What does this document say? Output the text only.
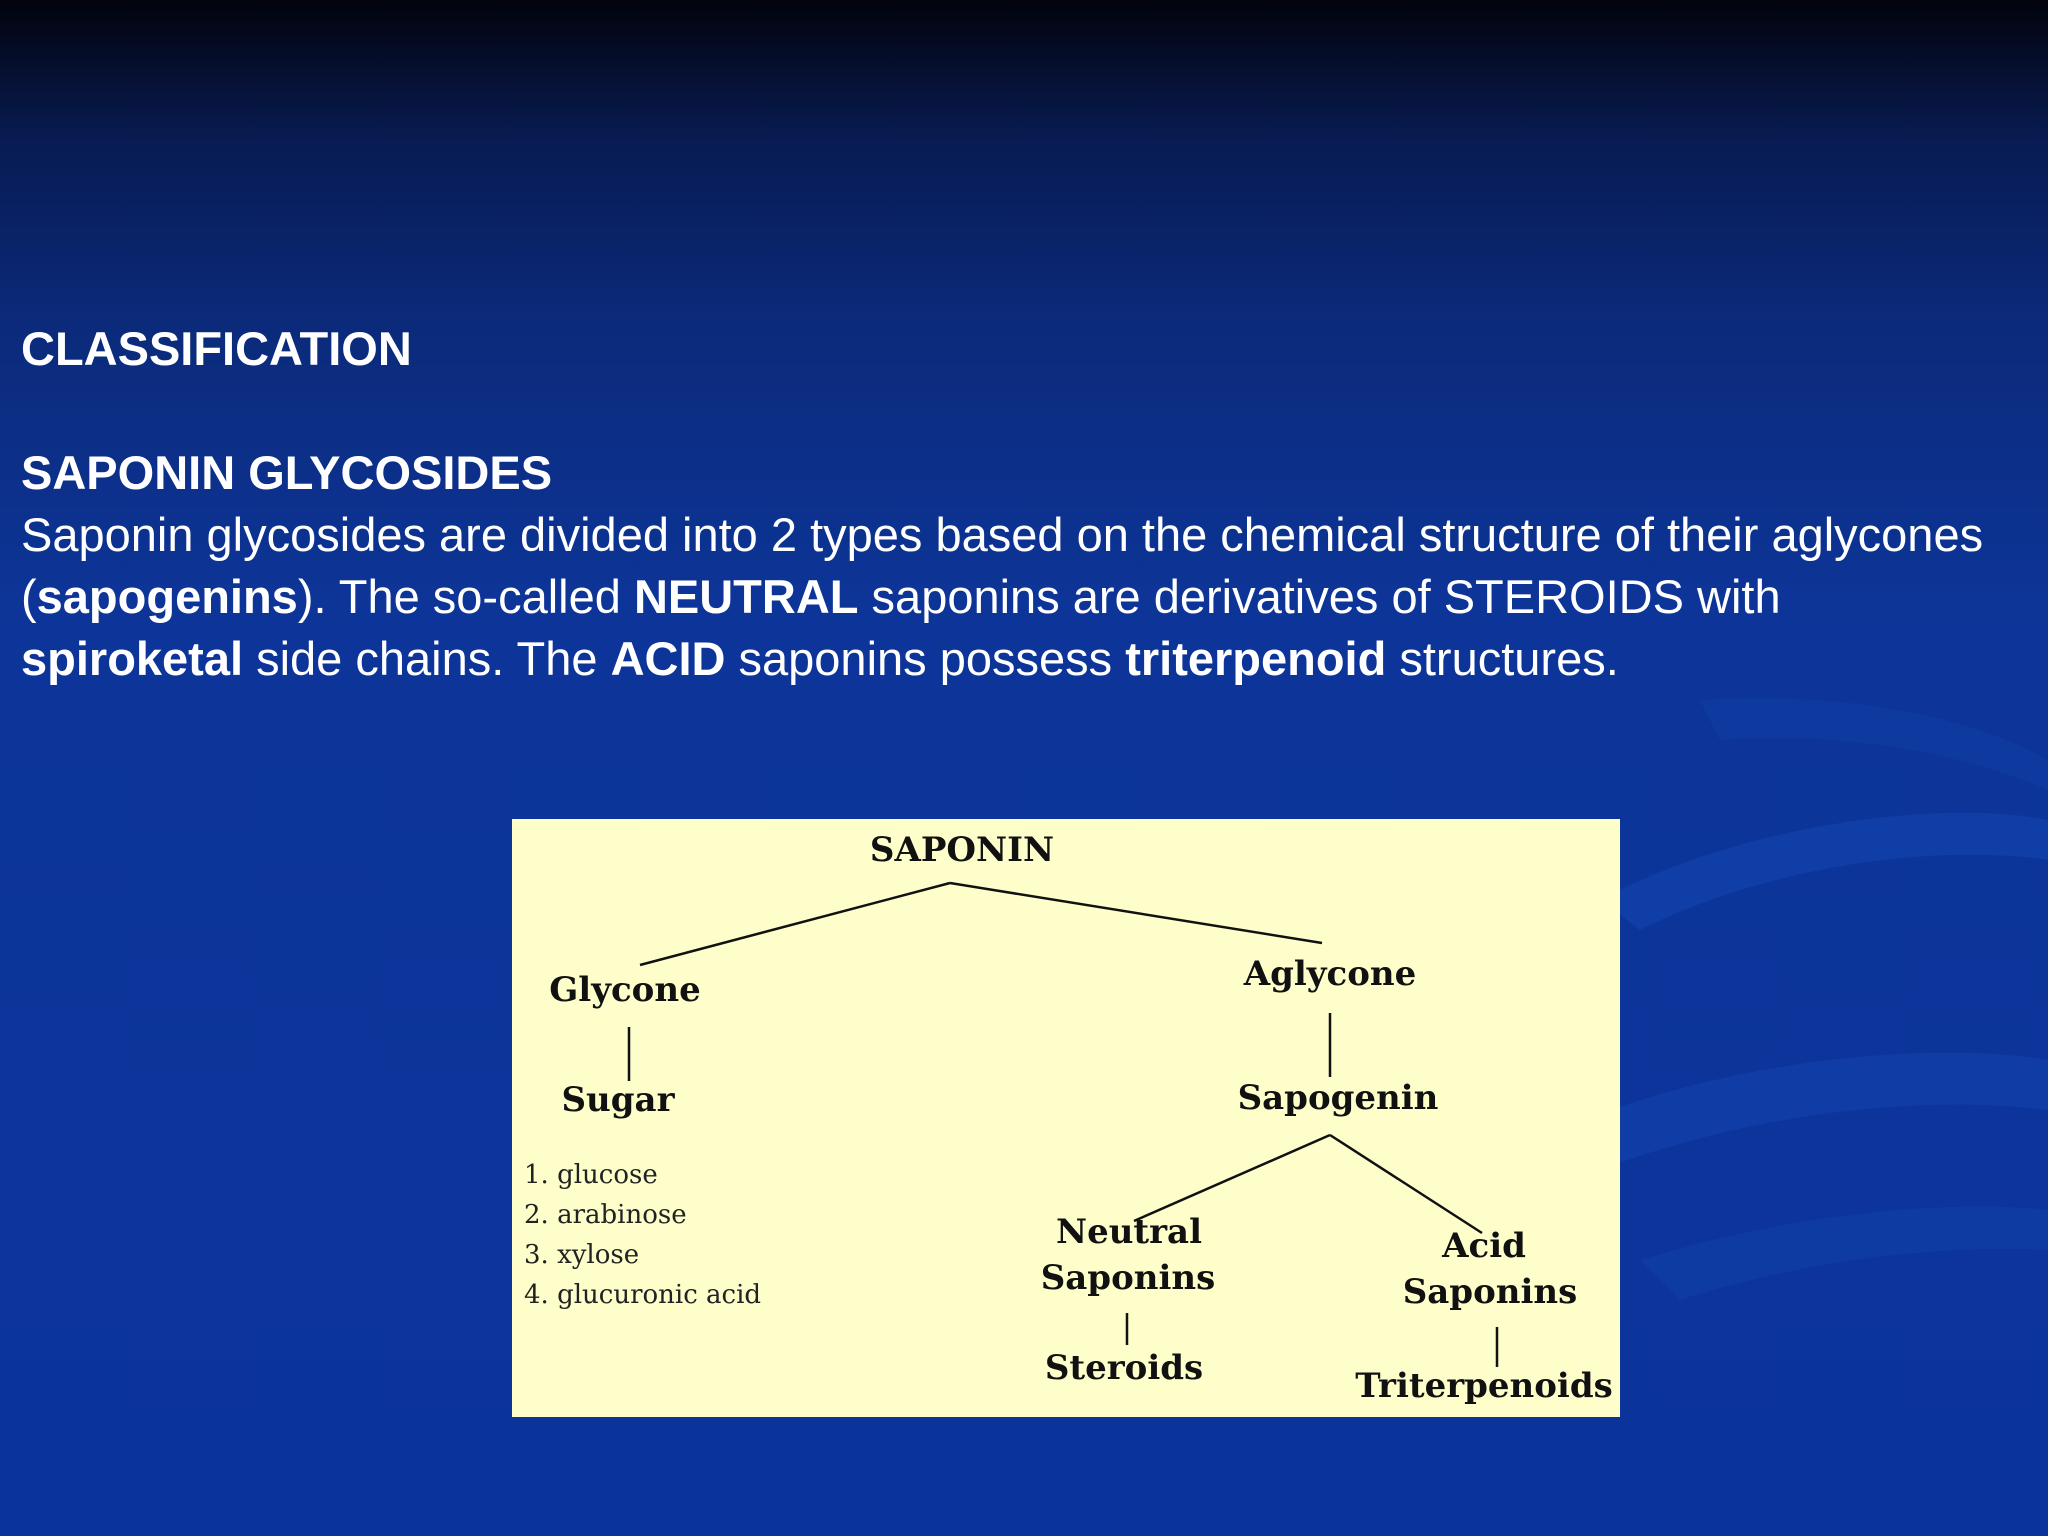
CLASSIFICATION

SAPONIN GLYCOSIDES

Saponin glycosides are divided into 2 types based on the chemical structure of their aglycones (sapogenins). The so-called NEUTRAL saponins are derivatives of STEROIDS with spiroketal side chains. The ACID saponins possess triterpenoid structures.

SAPONIN
Glycone
Sugar
1. glucose
2. arabinose
3. xylose
4. glucuronic acid
Aglycone
Sapogenin
Neutral
Saponins
Steroids
Acid
Saponins
Triterpenoids
